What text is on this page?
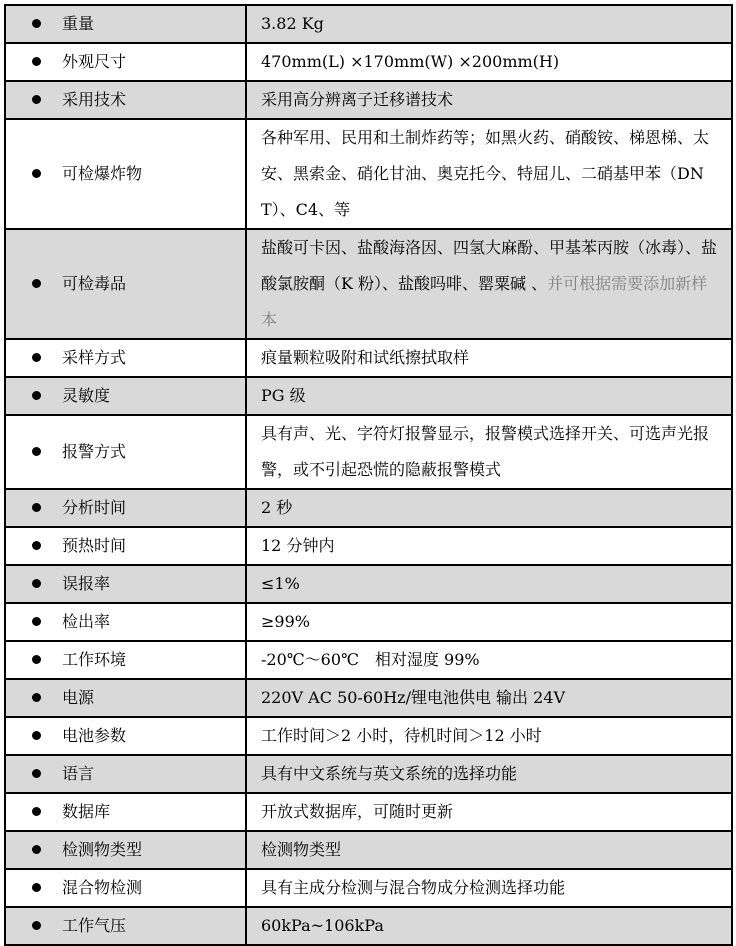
重量	3.82 Kg
外观尺寸	470mm(L) ×170mm(W) ×200mm(H)
采用技术	采用高分辨离子迁移谱技术
可检爆炸物	各种军用、民用和土制炸药等；如黑火药、硝酸铵、梯恩梯、太安、黑索金、硝化甘油、奥克托今、特屈儿、二硝基甲苯（DNT）、C4、等
可检毒品	盐酸可卡因、盐酸海洛因、四氢大麻酚、甲基苯丙胺（冰毒）、盐酸氯胺酮（K 粉）、盐酸吗啡、罂粟碱 、并可根据需要添加新样本
采样方式	痕量颗粒吸附和试纸擦拭取样
灵敏度	PG 级
报警方式	具有声、光、字符灯报警显示，报警模式选择开关、可选声光报警，或不引起恐慌的隐蔽报警模式
分析时间	2 秒
预热时间	12 分钟内
误报率	≤1%
检出率	≥99%
工作环境	-20℃～60℃　相对湿度 99%
电源	220V AC 50-60Hz/锂电池供电 输出 24V
电池参数	工作时间＞2 小时，待机时间＞12 小时
语言	具有中文系统与英文系统的选择功能
数据库	开放式数据库，可随时更新
检测物类型	检测物类型
混合物检测	具有主成分检测与混合物成分检测选择功能
工作气压	60kPa~106kPa
